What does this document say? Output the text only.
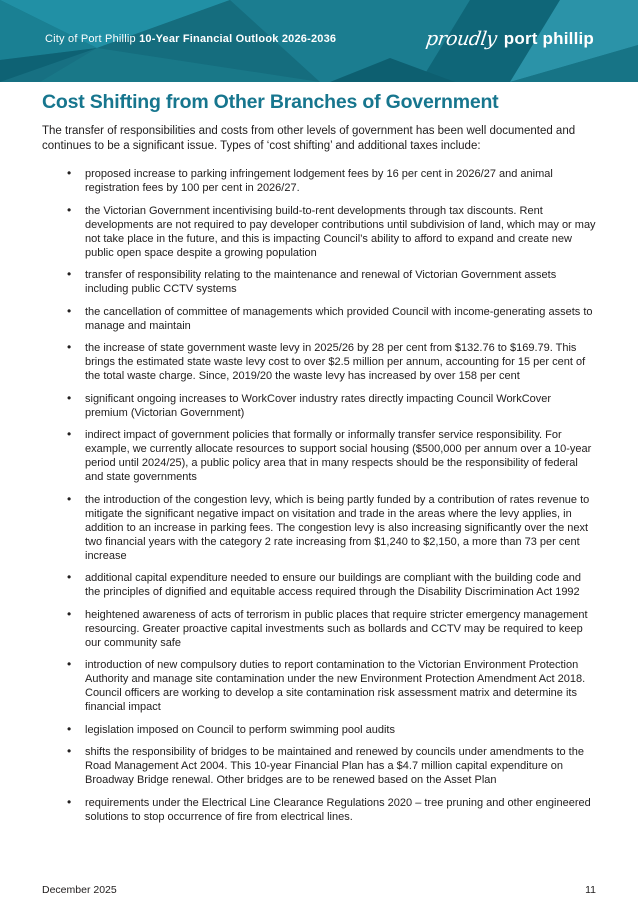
City of Port Phillip 10-Year Financial Outlook 2026-2036	proudly port phillip
Cost Shifting from Other Branches of Government

The transfer of responsibilities and costs from other levels of government has been well documented and continues to be a significant issue. Types of ‘cost shifting’ and additional taxes include:

• proposed increase to parking infringement lodgement fees by 16 per cent in 2026/27 and animal registration fees by 100 per cent in 2026/27.
• the Victorian Government incentivising build-to-rent developments through tax discounts. Rent developments are not required to pay developer contributions until subdivision of land, which may or may not take place in the future, and this is impacting Council’s ability to afford to expand and create new public open space despite a growing population
• transfer of responsibility relating to the maintenance and renewal of Victorian Government assets including public CCTV systems
• the cancellation of committee of managements which provided Council with income-generating assets to manage and maintain
• the increase of state government waste levy in 2025/26 by 28 per cent from $132.76 to $169.79. This brings the estimated state waste levy cost to over $2.5 million per annum, accounting for 15 per cent of the total waste charge. Since, 2019/20 the waste levy has increased by over 158 per cent
• significant ongoing increases to WorkCover industry rates directly impacting Council WorkCover premium (Victorian Government)
• indirect impact of government policies that formally or informally transfer service responsibility. For example, we currently allocate resources to support social housing ($500,000 per annum over a 10-year period until 2024/25), a public policy area that in many respects should be the responsibility of federal and state governments
• the introduction of the congestion levy, which is being partly funded by a contribution of rates revenue to mitigate the significant negative impact on visitation and trade in the areas where the levy applies, in addition to an increase in parking fees. The congestion levy is also increasing significantly over the next two financial years with the category 2 rate increasing from $1,240 to $2,150, a more than 73 per cent increase
• additional capital expenditure needed to ensure our buildings are compliant with the building code and the principles of dignified and equitable access required through the Disability Discrimination Act 1992
• heightened awareness of acts of terrorism in public places that require stricter emergency management resourcing. Greater proactive capital investments such as bollards and CCTV may be required to keep our community safe
• introduction of new compulsory duties to report contamination to the Victorian Environment Protection Authority and manage site contamination under the new Environment Protection Amendment Act 2018. Council officers are working to develop a site contamination risk assessment matrix and determine its financial impact
• legislation imposed on Council to perform swimming pool audits
• shifts the responsibility of bridges to be maintained and renewed by councils under amendments to the Road Management Act 2004. This 10-year Financial Plan has a $4.7 million capital expenditure on Broadway Bridge renewal. Other bridges are to be renewed based on the Asset Plan
• requirements under the Electrical Line Clearance Regulations 2020 – tree pruning and other engineered solutions to stop occurrence of fire from electrical lines.
December 2025	11
